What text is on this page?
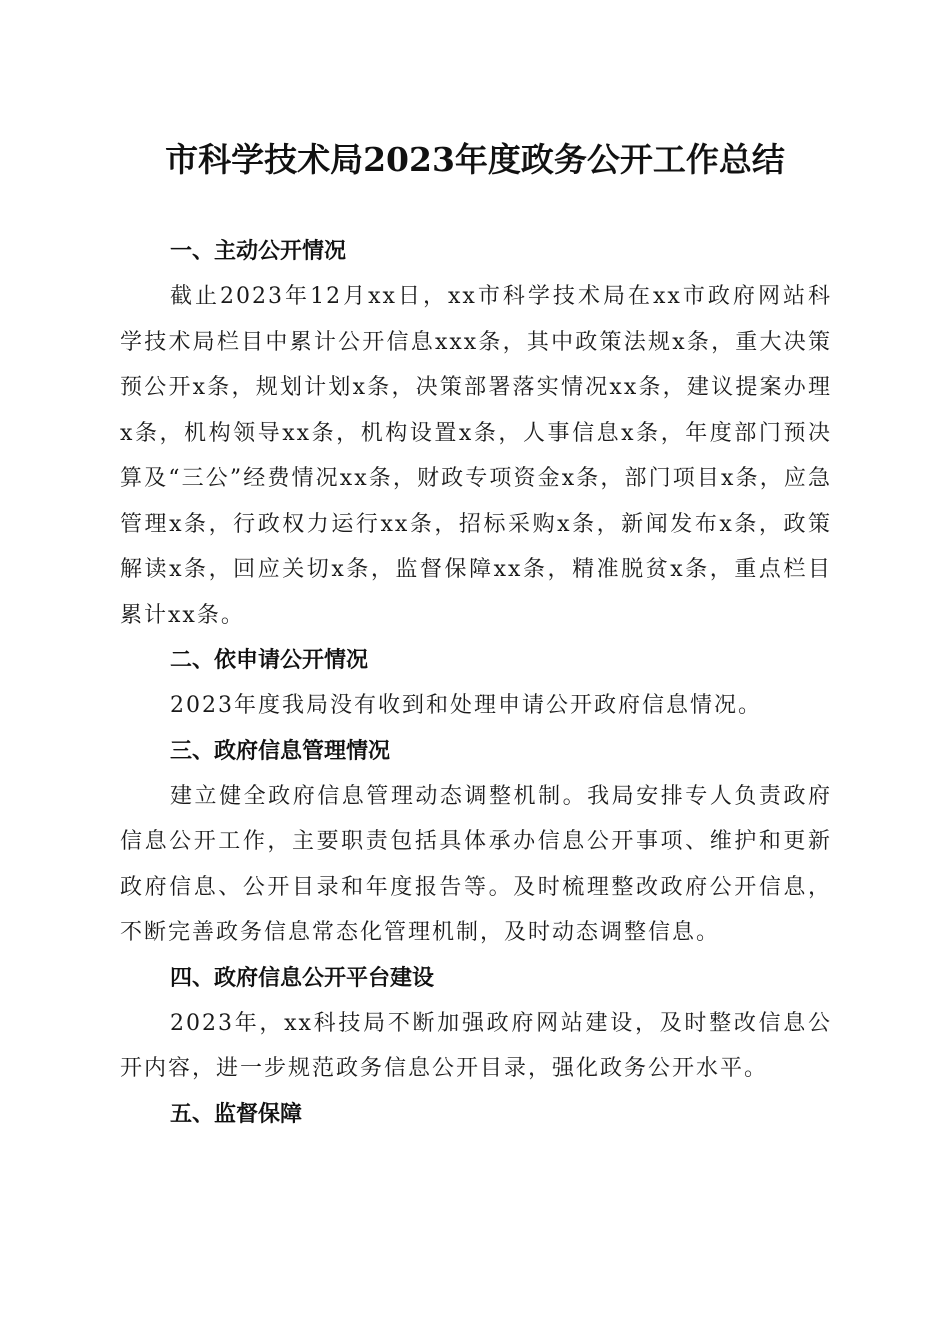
市科学技术局2023年度政务公开工作总结
一、主动公开情况

截止2023年12月xx日，xx市科学技术局在xx市政府网站科学技术局栏目中累计公开信息xxx条，其中政策法规x条，重大决策预公开x条，规划计划x条，决策部署落实情况xx条，建议提案办理x条，机构领导xx条，机构设置x条，人事信息x条，年度部门预决算及“三公”经费情况xx条，财政专项资金x条，部门项目x条，应急管理x条，行政权力运行xx条，招标采购x条，新闻发布x条，政策解读x条，回应关切x条，监督保障xx条，精准脱贫x条，重点栏目累计xx条。

二、依申请公开情况

2023年度我局没有收到和处理申请公开政府信息情况。

三、政府信息管理情况

建立健全政府信息管理动态调整机制。我局安排专人负责政府信息公开工作，主要职责包括具体承办信息公开事项、维护和更新政府信息、公开目录和年度报告等。及时梳理整改政府公开信息，不断完善政务信息常态化管理机制，及时动态调整信息。

四、政府信息公开平台建设

2023年，xx科技局不断加强政府网站建设，及时整改信息公开内容，进一步规范政务信息公开目录，强化政务公开水平。

五、监督保障
